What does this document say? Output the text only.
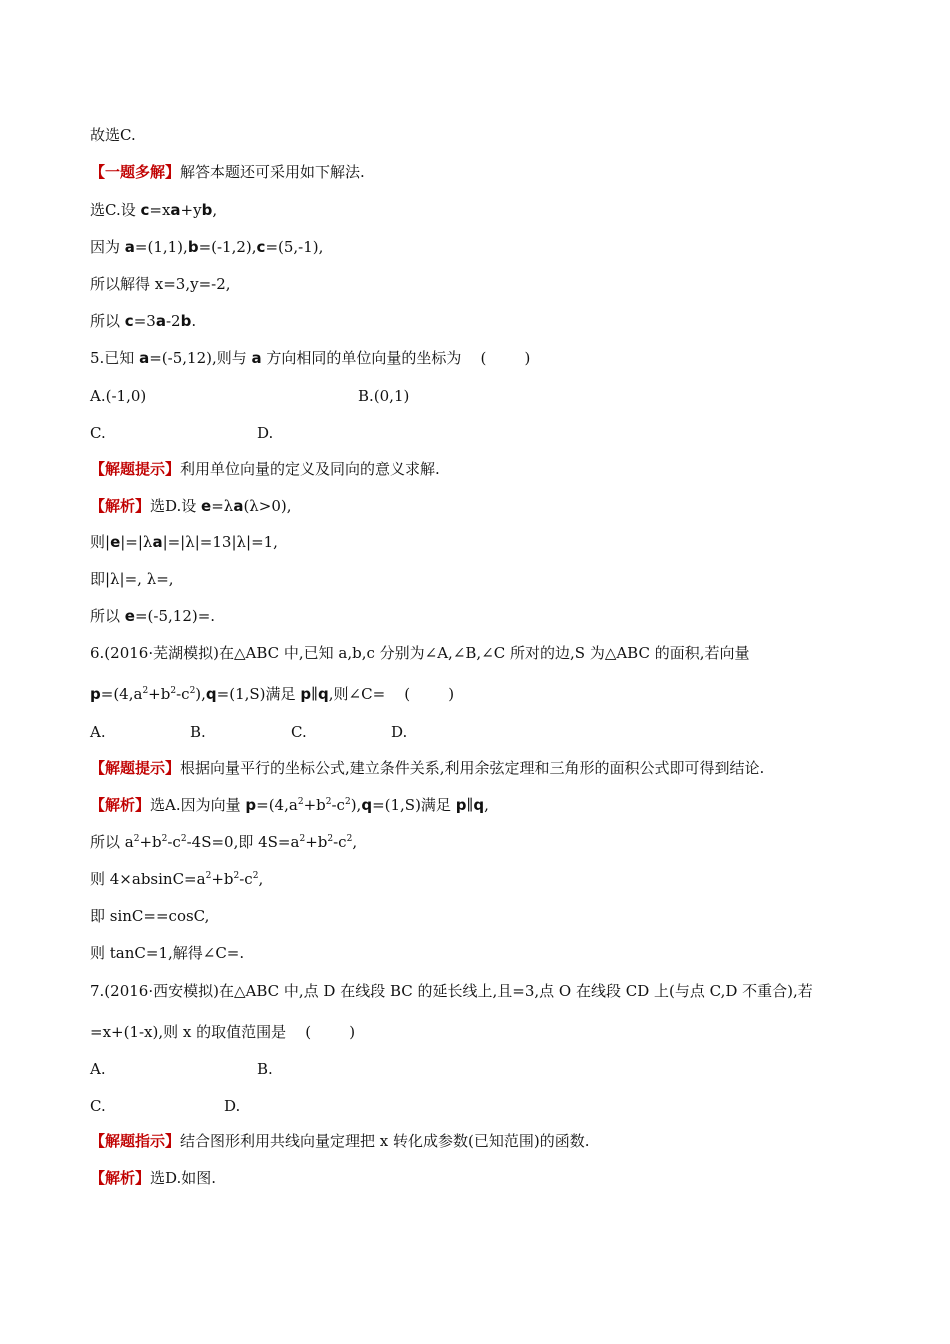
故选C.
【一题多解】解答本题还可采用如下解法.
选C.设 c=xa+yb,
因为 a=(1,1),b=(-1,2),c=(5,-1),
所以解得 x=3,y=-2,
所以 c=3a-2b.
5.已知 a=(-5,12),则与 a 方向相同的单位向量的坐标为    (        )
A.(-1,0)	B.(0,1)
C.	D.
【解题提示】利用单位向量的定义及同向的意义求解.
【解析】选D.设 e=λa(λ>0),
则|e|=|λa|=|λ|=13|λ|=1,
即|λ|=, λ=,
所以 e=(-5,12)=.
6.(2016·芜湖模拟)在△ABC 中,已知 a,b,c 分别为∠A,∠B,∠C 所对的边,S 为△ABC 的面积,若向量
$p=(4,a^2+b^2-c^2),q=(1,S)$满足 p∥q,则∠C=    (        )
A.	B.	C.	D.
【解题提示】根据向量平行的坐标公式,建立条件关系,利用余弦定理和三角形的面积公式即可得到结论.
【解析】选A.因为向量 $p=(4,a^2+b^2-c^2),q=(1,S)$满足 p∥q,
所以 $a^2+b^2-c^2-4S=0$,即 $4S=a^2+b^2-c^2$,
则 $4\times absinC=a^2+b^2-c^2$,
即 sinC==cosC,
则 tanC=1,解得∠C=.
7.(2016·西安模拟)在△ABC 中,点 D 在线段 BC 的延长线上,且=3,点 O 在线段 CD 上(与点 C,D 不重合),若
=x+(1-x),则 x 的取值范围是    (        )
A.	B.
C.	D.
【解题指示】结合图形利用共线向量定理把 x 转化成参数(已知范围)的函数.
【解析】选D.如图.
